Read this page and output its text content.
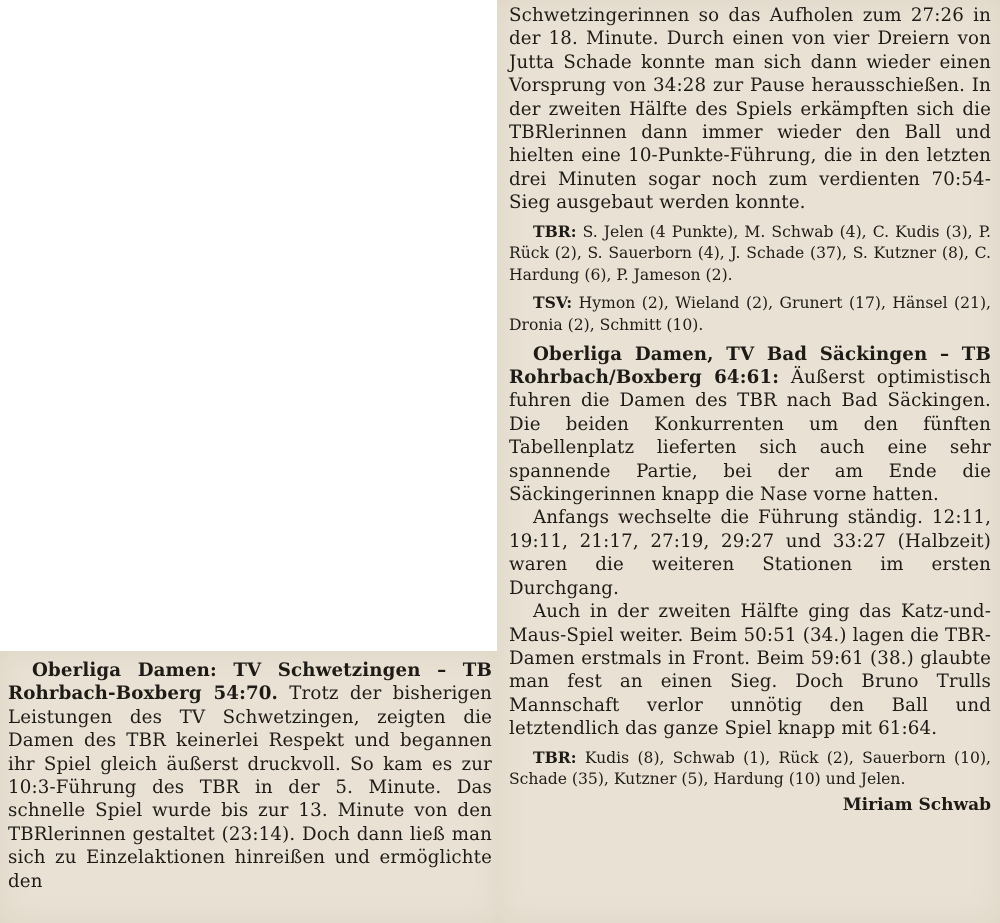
Oberliga Damen: TV Schwetzingen – TB Rohrbach-Boxberg 54:70. Trotz der bisherigen Leistungen des TV Schwetzingen, zeigten die Damen des TBR keinerlei Respekt und begannen ihr Spiel gleich äußerst druckvoll. So kam es zur 10:3-Führung des TBR in der 5. Minute. Das schnelle Spiel wurde bis zur 13. Minute von den TBRlerinnen gestaltet (23:14). Doch dann ließ man sich zu Einzelaktionen hinreißen und ermöglichte den

Schwetzingerinnen so das Aufholen zum 27:26 in der 18. Minute. Durch einen von vier Dreiern von Jutta Schade konnte man sich dann wieder einen Vorsprung von 34:28 zur Pause herausschießen. In der zweiten Hälfte des Spiels erkämpften sich die TBRlerinnen dann immer wieder den Ball und hielten eine 10-Punkte-Führung, die in den letzten drei Minuten sogar noch zum verdienten 70:54-Sieg ausgebaut werden konnte.

TBR: S. Jelen (4 Punkte), M. Schwab (4), C. Kudis (3), P. Rück (2), S. Sauerborn (4), J. Schade (37), S. Kutzner (8), C. Hardung (6), P. Jameson (2).

TSV: Hymon (2), Wieland (2), Grunert (17), Hänsel (21), Dronia (2), Schmitt (10).

Oberliga Damen, TV Bad Säckingen – TB Rohrbach/Boxberg 64:61: Äußerst optimistisch fuhren die Damen des TBR nach Bad Säckingen. Die beiden Konkurrenten um den fünften Tabellenplatz lieferten sich auch eine sehr spannende Partie, bei der am Ende die Säckingerinnen knapp die Nase vorne hatten.

Anfangs wechselte die Führung ständig. 12:11, 19:11, 21:17, 27:19, 29:27 und 33:27 (Halbzeit) waren die weiteren Stationen im ersten Durchgang.

Auch in der zweiten Hälfte ging das Katz-und-Maus-Spiel weiter. Beim 50:51 (34.) lagen die TBR-Damen erstmals in Front. Beim 59:61 (38.) glaubte man fest an einen Sieg. Doch Bruno Trulls Mannschaft verlor unnötig den Ball und letztendlich das ganze Spiel knapp mit 61:64.

TBR: Kudis (8), Schwab (1), Rück (2), Sauerborn (10), Schade (35), Kutzner (5), Hardung (10) und Jelen.

Miriam Schwab
